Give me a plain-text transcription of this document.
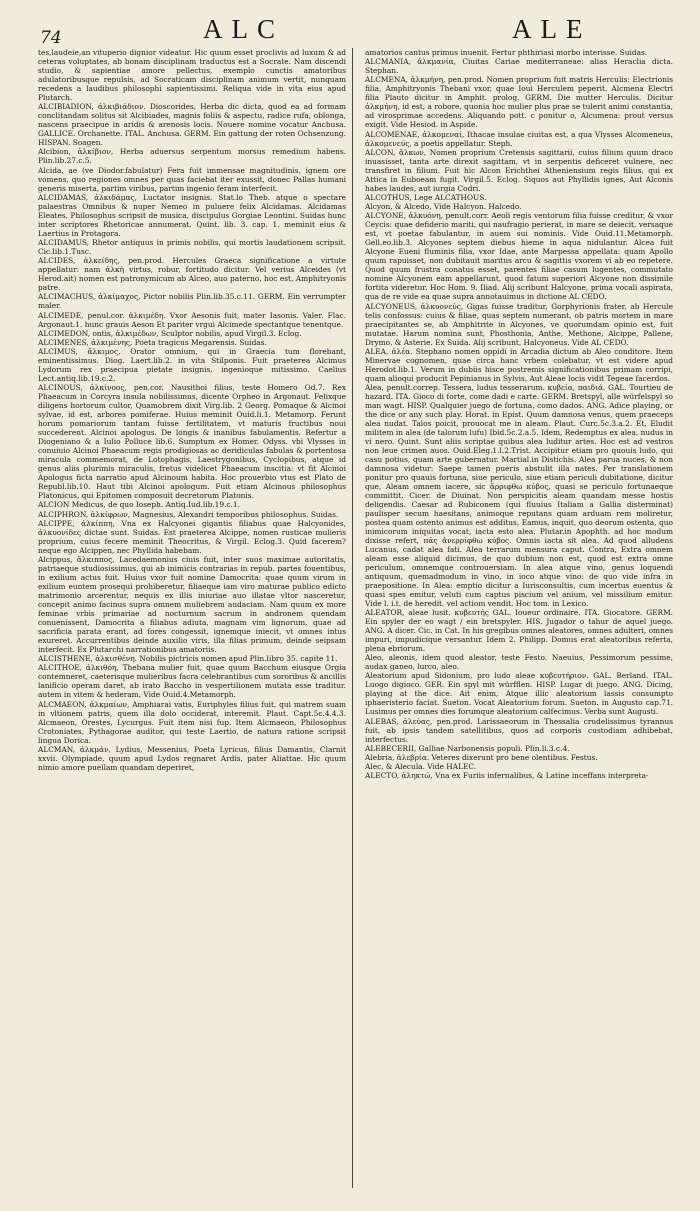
74	ALC	ALE

tes,laudeie,an vituperio dignior videatur. Hic quum esset proclivis ad luxum & ad ceteras voluptates, ab bonam disciplinam traductus est a Socrate. Nam discendi studio, & sapientiae amore pellectus, exemplo cunctis amatoribus adulatoribusque repulsis, ad Socraticam disciplinam animum vertit, nunquam recedens a laudibus philosophi sapientissimi. Reliqua vide in vita eius apud Plutarch.

ALCIBIADION, ἀλκιβιάδιον. Dioscorides, Herba dic dicta, quod ea ad formam conclitandam solitus sit Alcibiades, magnis foliis & aspectu, radice rufa, oblonga, nascens praecipue in aridis & arenosis locis. Nouere nomine vocatur Anchusa. GALLICE. Orchanette. ITAL. Anchusa. GERM. Ein gattung der roten Ochsenzung. HISPAN. Soagen.

Alcibion, ἀλκίβιον, Herba aduersus serpentum morsus remedium habens. Plin.lib.27.c.5.

Alcida, ae (ve Diodor.fabulatur) Fera fuit immensae magnitudinis, ignem ore vomens, quo regiones omnes per quas faciebat iter exussit, donec Pallas humani generis miserta, partim viribus, partim ingenio feram interfecit.

ALCIDAMAS, ἀλκιδάμας, Luctator insignis. Stat.lo Theb. atque o spectare palaestras Omnibus & nuper Nemeo in puluere felix Alcidamas. Alcidamas Eleates, Philosophus scripsit de musica, discipulus Gorgiae Leontini. Suidas hunc inter scriptores Rhetoricae annumerat. Quint. lib. 3. cap. 1. meminit eius & Laertius in Protagora.

ALCIDAMUS, Rhetor antiquus in primis nobilis, qui mortis laudationem scripsit. Cic.lib.1.Tusc.

ALCIDES, ἀλκείδης, pen.prod. Hercules Graeca significatione a virtute appellatur: nam ἀλκὴ virtus, robur, fortitudo dicitur. Vel verius Alceides (vt Herod.ait) nomen est patronymicum ab Alceo, auo paterno, hoc est, Amphitryonis patre.

ALCIMACHUS, ἀλκίμαχος, Pictor nobilis Plin.lib.35.c.11. GERM. Ein verrumpter maler.

ALCIMEDE, penul.cor. ἀλκιμέδη. Vxor Aesonis fuit, mater Iasonis. Valer. Flac. Argonaut.1. hunc grauis Aeson Et pariter vrgui Alcimede spectantque tenentque.

ALCIMEDON, ontis, ἀλκιμέδων, Sculptor nobilis, apud Virgil.3. Eclog.

ALCIMENES, ἀλκιμένης, Poeta tragicus Megarensis. Suidas.

ALCIMUS, ἄλκιμος, Orator omnium, qui in Graecia tum florebant, eminentissimus. Diog. Laert.lib.2. in vita Stilponis. Fuit praeterea Alcimus Lydorum rex praecipua pietate insignis, ingenioque mitissimo. Caelius Lect.antiq.lib.19.c.2.

ALCINOUS, ἀλκίνοος, pen.cor. Nausithoi filius, teste Homero Od.7. Rex Phaeacum in Corcyra insula nobilissimus, dicente Orpheo in Argonaut. Felixque diligens hortorum cultor, Quamobrem dixit Virg.lib. 2 Georg. Pomaque & Alcinoi sylvae, id est, arbores pomiferae. Huius meminit Ouid.li.1. Metamorp. Ferunt horum pomariorum tantam fuisse fertilitatem, vt maturis fructibus noui succederent. Alcinoi apologus. De longis & inanibus fabulamentis. Refertur a Diogeniano & a Iulio Polluce lib.6. Sumptum ex Homer. Odyss. vbi Vlysses in conuiuio Alcinoi Phaeacum regis prodigiosas ac deridiculas fabulas & portentosa miracula commemorat, de Lotophagis, Laestrygonibus, Cyclopibus, atque id genus aliis plurimis miraculis, fretus videlicet Phaeacum inscitia: vt fit Alcinoi Apologus ficta narratio apud Alcinoum habita. Hoc prouerbio vtus est Plato de Republ.lib.10. Haut tibi Alcinoi apologum. Fuit etiam Alcinous philosophus Platonicus, qui Epitomen composuit decretorum Platonis.

ALCION Medicus, de quo Ioseph. Antiq.Iud.lib.19.c.1.

ALCIPHRON, ἀλκίφρων, Magnesius, Alexandri temporibus philosophus. Suidas.

ALCIPPE, ἀλκίππη, Vna ex Halcyonei gigantis filiabus quae Halcyonides, ἁλκυονίδες dictae sunt. Suidas. Est praeterea Alcippe, nomen rusticae mulieris proprium, cuius fecere meminit Theocritus, & Virgil. Eclog.3. Quid facerem? neque ego Alcippen, nec Phyllida habebam.

Alcippus, ἄλκιππος, Lacedaemonius ciuis fuit, inter suos maximae autoritatis, patriaeque studiosissimus, qui ab inimicis contrarias in repub. partes fouentibus, in exilium actus fuit. Huius vxor fuit nomine Damocrita: quae quum virum in exilium euntem prosequi prohiberetur, filiaeque iam viro maturae publico edicto matrimonio arcerentur, nequis ex illis iniuriae auo illatae vltor nasceretur, concepit animo facinus supra omnem muliebrem audaciam. Nam quum ex more feminae vrbis primariae ad nocturnum sacrum in andronem quendam conuenissent, Damocrita a filiabus adiuta, magnam vim lignorum, quae ad sacrificia parata erant, ad fores congessit, ignemque iniecit, vt omnes intus exureret. Accurrentibus deinde auxilio viris, illa filias primum, deinde seipsam interfecit. Ex Plutarchi narrationibus amatoriis.

ALCISTHENE, ἀλκισθένη. Nobilis pictricis nomen apud Plin.libro 35. capite 11.

ALCITHOE, ἀλκιθόη, Thebana mulier fuit, quae quum Bacchum eiusque Orgia contemneret, caeterisque mulieribus facra celebrantibus cum sororibus & ancillis lanificio operam daret, ab irato Baccho in vespertilionem mutata esse traditur. autem in vitem & hederam, Vide Ouid.4.Metamorph.

ALCMAEON, ἀλκμαίων, Amphiarai vatis, Euriphyles filius fuit, qui matrem suam in vltionem patris, quem illa dolo occiderat, interemit. Plaut. Capt.5c.4.4.3. Alcmaeon, Orestes, Lycurgus. Fuit item nisi fup. Item Alcmaeon, Philosophus Crotoniates, Pythagorae auditor, qui teste Laertio, de natura ratione scripsit lingua Dorica.

ALCMAN, ἀλκμάν, Lydius, Messenius, Poeta Lyricus, filius Damantis, Clarnit xxvii. Olympiade, quum apud Lydos regnaret Ardis, pater Aliattae. Hic quum nimio amore puellam quandam deperiret,

amatorios cantus primus inuenit. Fertur phthiriasi morbo interisse. Suidas.

ALCMANIA, ἀλκμανία, Ciuitas Cariae mediterraneae: alias Heraclia dicta. Stephan.

ALCMENA, ἀλκμήνη, pen.prod. Nomen proprium fuit matris Herculis: Electrionis filia, Amphitryonis Thebani vxor, quae Ioui Herculem peperit. Alcmena Electri filia Plauto dicitur in Amphit. prolog. GERM. Die mutter Herculis. Dicitur ἀλκμήνη, id est, a robore, quonia hoc mulier plus prae se tulerit animi constantia, ad virosprimae accedens. Aliquando pott. c ponitur o, Alcumena: prout versus exigit. Vide Hesiod. in Aspide.

ALCOMENAE, ἀλκομεναί, Ithacae insulae ciuitas est, a qua Vlysses Alcomeneus, ἀλκομενεύς, a poetis appellatur. Steph.

ALCON, ἄλκων, Nomen proprium Cretensis sagittarii, cuius filium quum draco inuasisset, tanta arte direxit sagittam, vt in serpentis deficeret vulnere, nec transfiret in filium. Fuit hic Alcon Erichthei Atheniensium regis filius, qui ex Attica in Euboeam fugit. Virgil.5. Eclog. Siquos aut Phyllidis ignes, Aut Alconis habes laudes, aut iurgia Codri.

ALCOTHUS, Lege ALCATHOUS.

Alcyon, & Alcedo, Vide Halcyon. Halcedo.

ALCYONE, ἀλκυόνη, penult.corr. Aeoli regis ventorum filia fuisse creditur, & vxor Ceycis: quae defiderio mariti, qui naufragio perierat, in mare se deiecit, versaque est, vt poetae fabulantur, in auem sui nominis. Vide Ouid.11.Metamorph. Gell.eo.lib.3. Alcyones septem diebus hieme in aqua nidulantur. Alcea fuit Alcyone Eueni fluminis filia, vxor Idae, ante Marpessa appellata: quam Apollo quum rapuisset, non dubitauit maritus arcu & sagittis vxorem vi ab eo repetere. Quod quum frustra conatus esset, parentes filiae casum lugentes, commutato nomine Alcyonem eam appellarunt, quod fatum superiori Alcyone non dissimile fortita videretur. Hoc Hom. 9. Iliad. Alij scribunt Halcyone, prima vocali aspirata, qua de re vide ea quae supra annotauimus in dictione AL CEDO.

ALCYONEUS, ἀλκυονεύς, Gigas fuisse traditur, Gorphyrionis frater, ab Hercule telis confossus: cuius & filiae, quas septem numerant, ob patris mortem in mare praecipitantes se, ab Amphitrite in Alcyones, ve quorumdam opinio est, fuit mutatae. Harum nomina sunt, Phosthonia, Anthe, Methone, Alcippe, Pallene, Drymo, & Asterie. Ex Suida. Alij scribunt, Halcyoneus. Vide AL CEDO.

ALEA, ἀλέα. Stephano nomen oppidi in Arcadia dictum ab Aleo conditore. Item Minervae cognomen, quae circa hanc vrbem colebatur, vt est videre apud Herodot.lib.1. Verum in dubiis hisce postremis significationibus primam corripi, quam alioqui producit Pepinianus in Sylvis, Aut Aleae locis vidit Tegeae facerdos.

Alea, penult.correp. Tessera, ludus tesserarum. κυβεία, παιδιά. GAL. Tourtieu de hazard. ITA. Gioco di forte, come dadi e carte. GERM. Bretspyl, alle würfelspyl so man wagt. HISP. Qualquier juego de fortuna, como dados. ANG. Adice playing, or the dice or any such play. Horat. in Epist. Quum damnosa venus, quem praeceps alea nudat. Talos poicit, prouocat me in aleam. Plaut. Curc.5c.3.a.2. Et, Eludit militem in alea (de talorum lufu) Ibid.5c.2.a.5. Idem, Redemptus ex alea, nudus in vi nero. Quint. Sunt aliis scriptae quibus alea luditur artes. Hoc est ad vestros non leue crimen auos. Ouid.Eleg.1.l.2.Trist. Accipitur etiam pro quouis ludo, qui casu potius, quam arte gubernatur. Martial.in Distichis. Alea parua nuces, & non damnosa videtur: Saepe tamen pueris abstulit illa nates. Per translationem ponitur pro quauis fortuna, siue periculo, siue etiam periculi dubitatione, dicitur que, Aleam omnem iacere, sic ἄρριφθω κύβος, quasi se periculo fortunaeque committit. Cicer. de Diuinat. Non perspicitis aleam quandam messe hostis deligendis. Caesar ad Rubiconem (qui fluuius Italiam a Gallia disterminat) paulisper secum haesitans, animoque reputans quam arduam rem moliretur, postea quam ostento animus est additus, Eamus, inquit, quo deorum ostenta, quo inimicorum iniquitas vocat, iacta esto alea. Plutar.in Apophth. ad hoc modum dixisse refert, πᾶς ἀνερρίφθω κύβος. Omnis iacta sit alea. Ad quod alludens Lucanus, cadat alea fati. Alea terrarum mensura caput. Contra, Extra omnem aleam esse aliquid dicimus, de quo dubium non est, quod est extra omne periculum, omnemque controuersiam. In alea atque vino, genus loquendi antiquum, quemadmodum in vino, in ioco atque vino: de quo vide infra in praepositione. In Alea: emptio dicitur a Iurisconsultis, cum incertus euentus & quasi spes emitur, veluti cum captus piscium vel anium, vel missilium emitur. Vide l. i.t. de heredit. vel actiom vendit. Hoc tom. in Lexico.

ALEATOR, aleae lusit. κυβευτής GAL. Ioueur ordinaire. ITA. Giocatore. GERM. Ein spyler der eo wagt / ein bretspyler. HIS. Jugador o tahur de aquel juego. ANG. A dicer. Cic. in Cat. In his gregibus omnes aleatores, omnes adulteri, omnes impuri, impudicique versantur. Idem 2. Philipp. Domus erat aleatoribus referta, plena ebriorum.

Aleo, aleonis, idem quod aleator, teste Festo. Naeuius, Pessimorum pessime, audax ganeo, lurco, aleo.

Aleatorium apud Sidonium, pro ludo aleae κυβευτήριον. GAL. Berland. ITAL. Luogo digioco. GER. Ein spyl mit würfflen. HISP. Lugar di juego. ANG. Dicing, playing at the dice. Ait enim, Atque illic aleatorium lassis consumpto iphaeristerio faciat. Sueton. Vocat Aleatorium forum. Sueton. in Augusto cap.71. Lusimus per omnes dies forumque aleatorium calfecimus. Verba sunt Augusti.

ALEBAS, ἀλεύας, pen.prod. Larissaeorum in Thessalia crudelissimus tyrannus fuit, ab ipsis tandem satellitibus, quos ad corporis custodiam adhibebat, interfectus.

ALEBECERII, Galliae Narbonensis populi. Plin.li.3.c.4.

Alebria, ἀλεβρία. Veteres dixerunt pro bene olentibus. Festus.

Alec, & Alecula. Vide HALEC.

ALECTO, ἀληκτώ, Vna ex Furiis infernalibus, & Latine inceffans interpreta-
